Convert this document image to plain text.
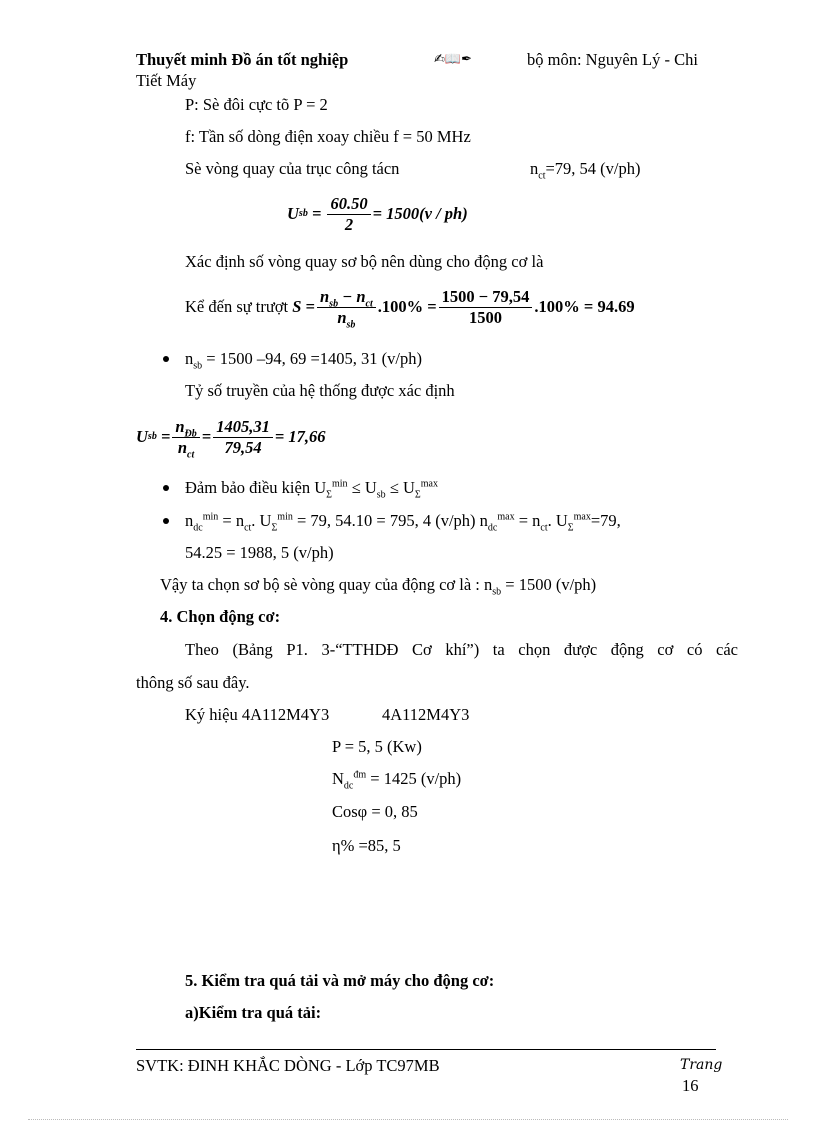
Thuyết minh Đồ án tốt nghiệp	✍📖✒	bộ môn: Nguyên Lý - Chi
Tiết Máy
P: Sè đôi cực tõ P = 2
f: Tần số dòng điện xoay chiều f = 50 MHz
Sè vòng quay của trục công tácn	$n_{ct}=79$, 54 (v/ph)
U sb = $\frac{60.50}{2} = 1500(v / ph)$
Xác định số vòng quay sơ bộ nên dùng cho động cơ là
Kể đến sự trượt
$S = \frac{n_{sb} - n_{ct}}{n_{sb}} .100\% = \frac{1500 - 79,54}{1500} .100\% = 94.69$
$n_{sb} = 1500$ –94, 69 =1405, 31 (v/ph)
Tỷ số truyền của hệ thống được xác định
U sb = $\frac{n_{Đb}}{n_{ct}} = \frac{1405,31}{79,54} = 17,66$
Đảm bảo điều kiện $U_\Sigma^{min} \le U_{sb} \le U_\Sigma^{max}$
$n_{dc}^{min} = n_{ct}$. $U_\Sigma^{min} = 79$, 54.10 = 795, 4 (v/ph) $n_{dc}^{max} = n_{ct}$. $U_\Sigma^{max}=79$,
54.25 = 1988, 5 (v/ph)
Vậy ta chọn sơ bộ sè vòng quay của động cơ là : $n_{sb} = 1500$ (v/ph)
4. Chọn động cơ:
Theo (Bảng P1. 3-“TTHDĐ Cơ khí”) ta chọn được động cơ có các
thông số sau đây.
Ký hiệu 4A112M4Y3	4A112M4Y3
P = 5, 5 (Kw)
$N_{dc}^{đm} = 1425$ (v/ph)
Cosφ = 0, 85
η% =85, 5
5. Kiểm tra quá tải và mở máy cho động cơ:
a)Kiểm tra quá tải:
SVTK: ĐINH KHẮC DÒNG - Lớp TC97MB	Trang
16
